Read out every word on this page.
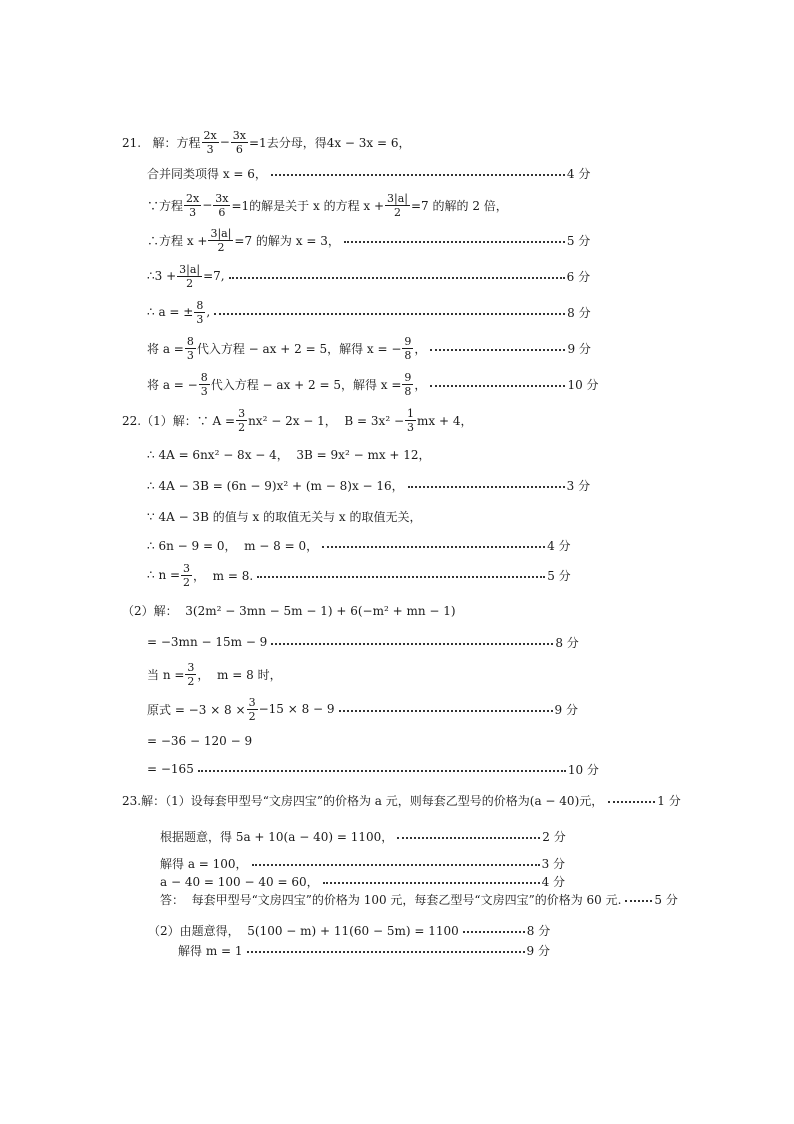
21.   解：方程 $\frac{2x}{3} - \frac{3x}{6} =1$去分母，得4x − 3x = 6，
合并同类项得 x = 6，	4 分
∵方程 $\frac{2x}{3} - \frac{3x}{6} =1$的解是关于 x 的方程 $x + \frac{3|a|}{2} =7$ 的解的 2 倍，
∴方程 $x + \frac{3|a|}{2} =7$ 的解为 x = 3，	5 分
∴3 + $\frac{3|a|}{2} =7$,	6 分
∴ a = ± $\frac{8}{3}$ ,	8 分
将 $a = \frac{8}{3}$ 代入方程 − ax + 2 = 5，解得 x = − $\frac{9}{8}$ ，	9 分
将 a = − $\frac{8}{3}$ 代入方程 − ax + 2 = 5，解得 $x = \frac{9}{8}$ ，	10 分
22.（1）解：∵ $A = \frac{3}{2} nx^2 - 2x - 1$，  $B = 3x^2 - \frac{1}{3}$ mx + 4，
∴ 4A = 6nx² − 8x − 4，  3B = 9x² − mx + 12，
∴ 4A − 3B = (6n − 9)x² + (m − 8)x − 16，	3 分
∵ 4A − 3B 的值与 x 的取值无关与 x 的取值无关，
∴ 6n − 9 = 0，  m − 8 = 0，	4 分
∴ $n = \frac{3}{2}$ ，  m = 8.	5 分
（2）解：  3(2m² − 3mn − 5m − 1) + 6(−m² + mn − 1)
= −3mn − 15m − 9	8 分
当 $n = \frac{3}{2}$ ，  m = 8 时，
原式 = $-3 \times 8 \times \frac{3}{2} -15 \times 8 - 9$	9 分
= −36 − 120 − 9
= −165	10 分
23.解：（1）设每套甲型号“文房四宝”的价格为 a 元，则每套乙型号的价格为(a − 40)元，	1 分
根据题意，得 5a + 10(a − 40) = 1100，	2 分
解得 a = 100，	3 分
a − 40 = 100 − 40 = 60，	4 分
答：  每套甲型号“文房四宝”的价格为 100 元，每套乙型号“文房四宝”的价格为 60 元.	5 分
（2）由题意得，  5(100 − m) + 11(60 − 5m) = 1100	8 分
解得 m = 1	9 分
